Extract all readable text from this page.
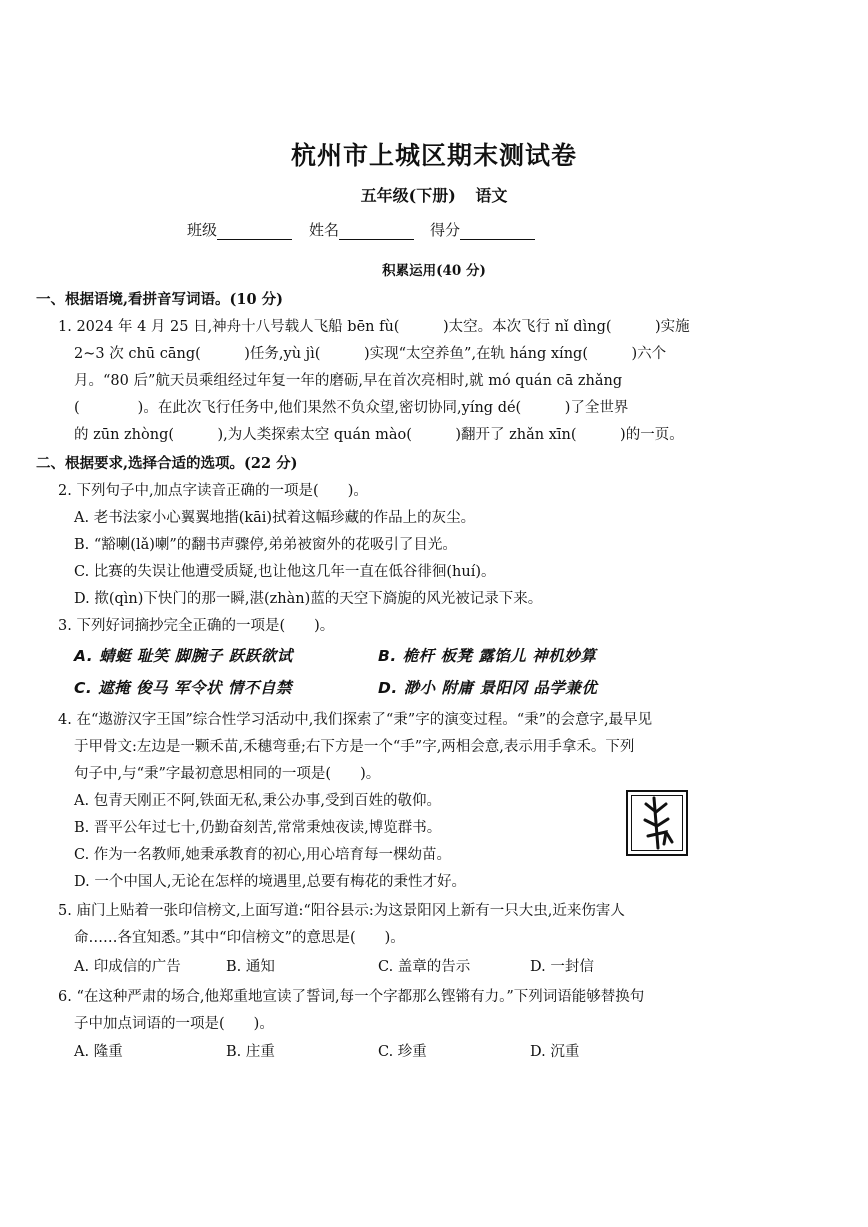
杭州市上城区期末测试卷
五年级(下册) 语文
班级	姓名	得分
积累运用(40 分)
一、根据语境,看拼音写词语。(10 分)
1. 2024 年 4 月 25 日,神舟十八号载人飞船 bēn fù(　　　)太空。本次飞行 nǐ dìng(　　　)实施
2~3 次 chū cāng(　　　)任务,yù jì(　　　)实现“太空养鱼”,在轨 háng xíng(　　　)六个
月。“80 后”航天员乘组经过年复一年的磨砺,早在首次亮相时,就 mó quán cā zhǎng
(　　　　)。在此次飞行任务中,他们果然不负众望,密切协同,yíng dé(　　　)了全世界
的 zūn zhòng(　　　),为人类探索太空 quán mào(　　　)翻开了 zhǎn xīn(　　　)的一页。
二、根据要求,选择合适的选项。(22 分)
2. 下列句子中,加点字读音正确的一项是(　　)。
A. 老书法家小心翼翼地揩(kāi)拭着这幅珍藏的作品上的灰尘。
B. “豁喇(lǎ)喇”的翻书声骤停,弟弟被窗外的花吸引了目光。
C. 比赛的失误让他遭受质疑,也让他这几年一直在低谷徘徊(huí)。
D. 揿(qìn)下快门的那一瞬,湛(zhàn)蓝的天空下旖旎的风光被记录下来。
3. 下列好词摘抄完全正确的一项是(　　)。
A. 蜻蜓 耻笑 脚腕子 跃跃欲试	B. 桅杆 板凳 露馅儿 神机妙算
C. 遮掩 俊马 军令状 情不自禁	D. 渺小 附庸 景阳冈 品学兼优
4. 在“遨游汉字王国”综合性学习活动中,我们探索了“秉”字的演变过程。“秉”的会意字,最早见
于甲骨文:左边是一颗禾苗,禾穗弯垂;右下方是一个“手”字,两相会意,表示用手拿禾。下列
句子中,与“秉”字最初意思相同的一项是(　　)。
A. 包青天刚正不阿,铁面无私,秉公办事,受到百姓的敬仰。
B. 晋平公年过七十,仍勤奋刻苦,常常秉烛夜读,博览群书。
C. 作为一名教师,她秉承教育的初心,用心培育每一棵幼苗。
D. 一个中国人,无论在怎样的境遇里,总要有梅花的秉性才好。
5. 庙门上贴着一张印信榜文,上面写道:“阳谷县示:为这景阳冈上新有一只大虫,近来伤害人
命……各宜知悉。”其中“印信榜文”的意思是(　　)。
A. 印成信的广告	B. 通知	C. 盖章的告示	D. 一封信
6. “在这种严肃的场合,他郑重地宣读了誓词,每一个字都那么铿锵有力。”下列词语能够替换句
子中加点词语的一项是(　　)。
A. 隆重	B. 庄重	C. 珍重	D. 沉重
